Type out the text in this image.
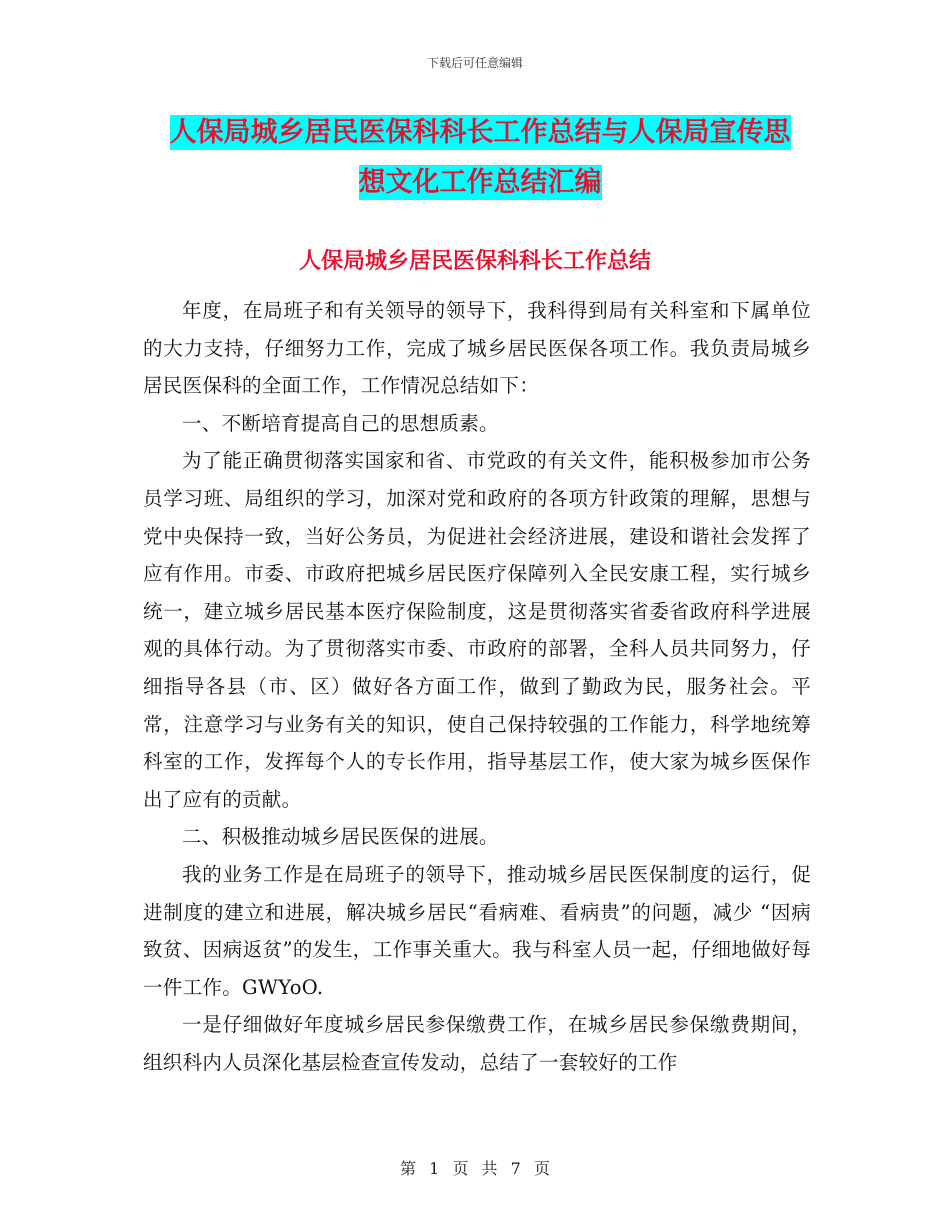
下载后可任意编辑
人保局城乡居民医保科科长工作总结与人保局宣传思
想文化工作总结汇编
人保局城乡居民医保科科长工作总结

年度，在局班子和有关领导的领导下，我科得到局有关科室和下属单位的大力支持，仔细努力工作，完成了城乡居民医保各项工作。我负责局城乡居民医保科的全面工作，工作情况总结如下：

一、不断培育提高自己的思想质素。

为了能正确贯彻落实国家和省、市党政的有关文件，能积极参加市公务员学习班、局组织的学习，加深对党和政府的各项方针政策的理解，思想与党中央保持一致，当好公务员，为促进社会经济进展，建设和谐社会发挥了应有作用。市委、市政府把城乡居民医疗保障列入全民安康工程，实行城乡统一，建立城乡居民基本医疗保险制度，这是贯彻落实省委省政府科学进展观的具体行动。为了贯彻落实市委、市政府的部署，全科人员共同努力，仔细指导各县（市、区）做好各方面工作，做到了勤政为民，服务社会。平常，注意学习与业务有关的知识，使自己保持较强的工作能力，科学地统筹科室的工作，发挥每个人的专长作用，指导基层工作，使大家为城乡医保作出了应有的贡献。

二、积极推动城乡居民医保的进展。

我的业务工作是在局班子的领导下，推动城乡居民医保制度的运行，促进制度的建立和进展，解决城乡居民“看病难、看病贵”的问题，减少 “因病致贫、因病返贫”的发生，工作事关重大。我与科室人员一起，仔细地做好每一件工作。GWYoO.

一是仔细做好年度城乡居民参保缴费工作，在城乡居民参保缴费期间，组织科内人员深化基层检查宣传发动，总结了一套较好的工作

第 1 页 共 7 页
